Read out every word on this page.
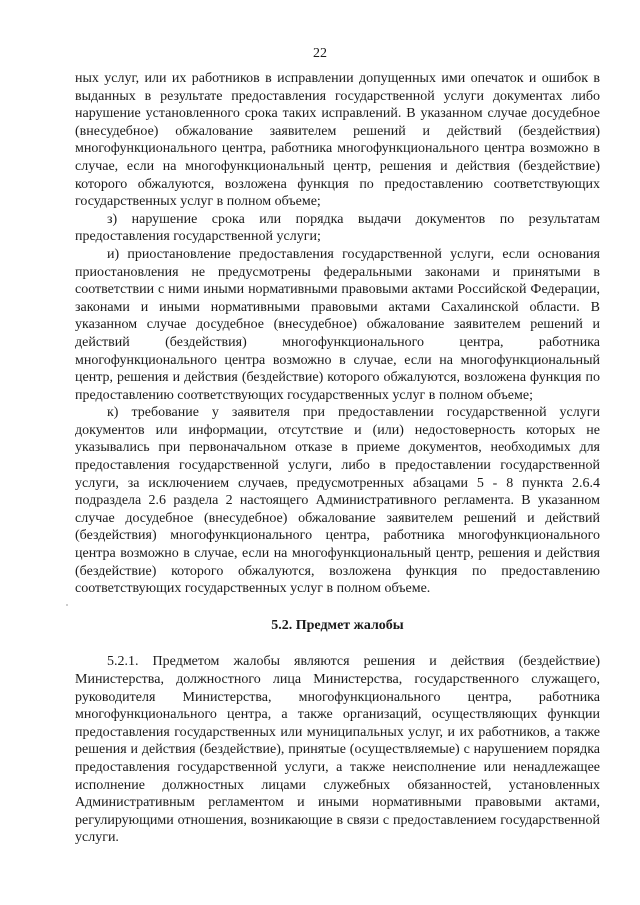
22

ных услуг, или их работников в исправлении допущенных ими опечаток и ошибок в выданных в результате предоставления государственной услуги документах либо нарушение установленного срока таких исправлений. В указанном случае досудебное (внесудебное) обжалование заявителем решений и действий (бездействия) многофункционального центра, работника многофункционального центра возможно в случае, если на многофункциональный центр, решения и действия (бездействие) которого обжалуются, возложена функция по предоставлению соответствующих государственных услуг в полном объеме;

з) нарушение срока или порядка выдачи документов по результатам предоставления государственной услуги;

и) приостановление предоставления государственной услуги, если основания приостановления не предусмотрены федеральными законами и принятыми в соответствии с ними иными нормативными правовыми актами Российской Федерации, законами и иными нормативными правовыми актами Сахалинской области. В указанном случае досудебное (внесудебное) обжалование заявителем решений и действий (бездействия) многофункционального центра, работника многофункционального центра возможно в случае, если на многофункциональный центр, решения и действия (бездействие) которого обжалуются, возложена функция по предоставлению соответствующих государственных услуг в полном объеме;

к) требование у заявителя при предоставлении государственной услуги документов или информации, отсутствие и (или) недостоверность которых не указывались при первоначальном отказе в приеме документов, необходимых для предоставления государственной услуги, либо в предоставлении государственной услуги, за исключением случаев, предусмотренных абзацами 5 - 8 пункта 2.6.4 подраздела 2.6 раздела 2 настоящего Административного регламента. В указанном случае досудебное (внесудебное) обжалование заявителем решений и действий (бездействия) многофункционального центра, работника многофункционального центра возможно в случае, если на многофункциональный центр, решения и действия (бездействие) которого обжалуются, возложена функция по предоставлению соответствующих государственных услуг в полном объеме.

5.2. Предмет жалобы

5.2.1. Предметом жалобы являются решения и действия (бездействие) Министерства, должностного лица Министерства, государственного служащего, руководителя Министерства, многофункционального центра, работника многофункционального центра, а также организаций, осуществляющих функции предоставления государственных или муниципальных услуг, и их работников, а также решения и действия (бездействие), принятые (осуществляемые) с нарушением порядка предоставления государственной услуги, а также неисполнение или ненадлежащее исполнение должностных лицами служебных обязанностей, установленных Административным регламентом и иными нормативными правовыми актами, регулирующими отношения, возникающие в связи с предоставлением государственной услуги.
